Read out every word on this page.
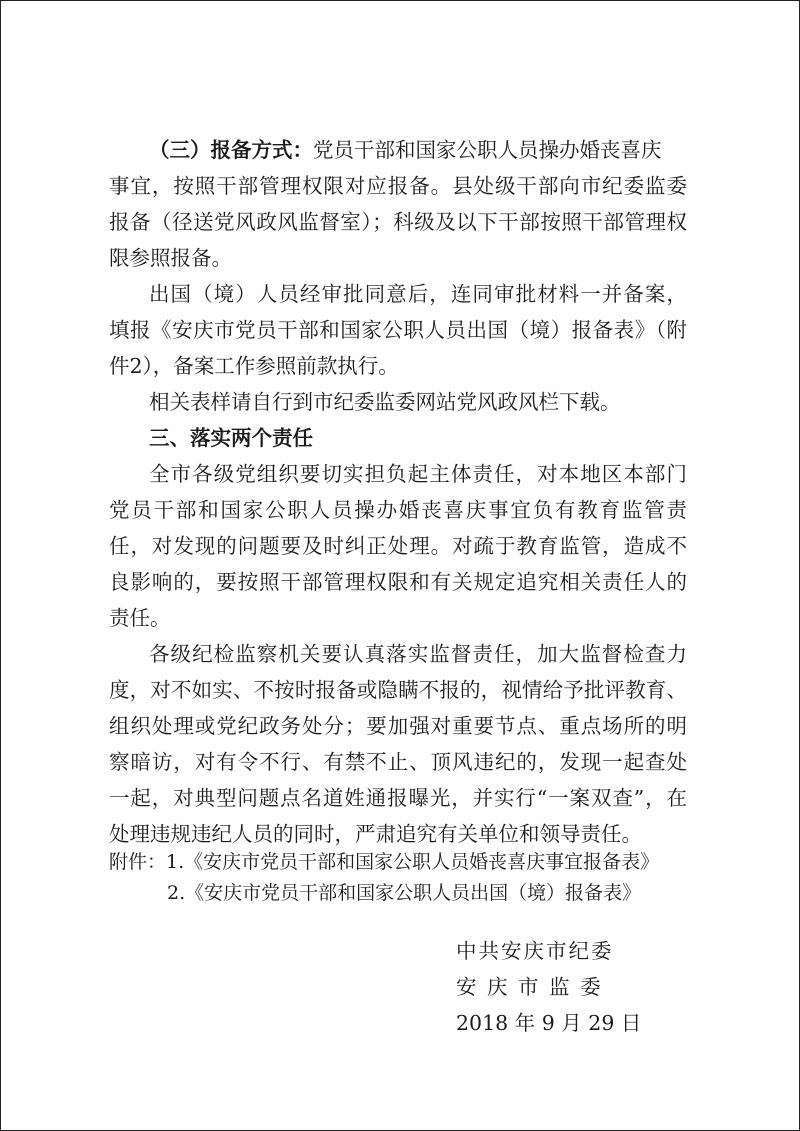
（三）报备方式：党员干部和国家公职人员操办婚丧喜庆
事宜，按照干部管理权限对应报备。县处级干部向市纪委监委
报备（径送党风政风监督室）；科级及以下干部按照干部管理权
限参照报备。
出国（境）人员经审批同意后，连同审批材料一并备案，
填报《安庆市党员干部和国家公职人员出国（境）报备表》（附
件2），备案工作参照前款执行。
相关表样请自行到市纪委监委网站党风政风栏下载。
三、落实两个责任
全市各级党组织要切实担负起主体责任，对本地区本部门
党员干部和国家公职人员操办婚丧喜庆事宜负有教育监管责
任，对发现的问题要及时纠正处理。对疏于教育监管，造成不
良影响的，要按照干部管理权限和有关规定追究相关责任人的
责任。
各级纪检监察机关要认真落实监督责任，加大监督检查力
度，对不如实、不按时报备或隐瞒不报的，视情给予批评教育、
组织处理或党纪政务处分；要加强对重要节点、重点场所的明
察暗访，对有令不行、有禁不止、顶风违纪的，发现一起查处
一起，对典型问题点名道姓通报曝光，并实行“一案双查”，在
处理违规违纪人员的同时，严肃追究有关单位和领导责任。
附件：1.《安庆市党员干部和国家公职人员婚丧喜庆事宜报备表》
2.《安庆市党员干部和国家公职人员出国（境）报备表》
中共安庆市纪委
安 庆 市 监 委
2018 年 9 月 29 日
